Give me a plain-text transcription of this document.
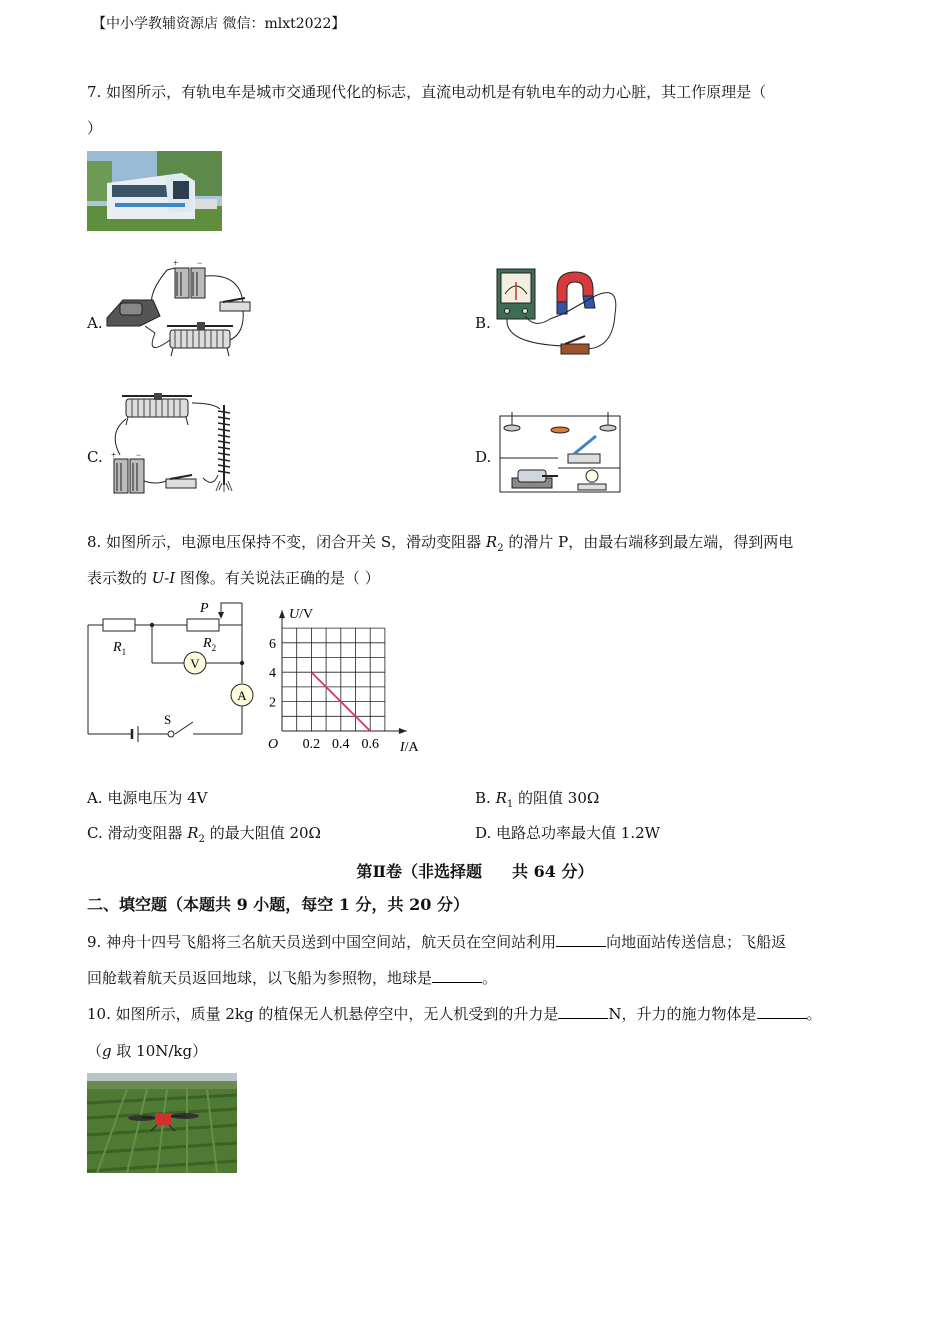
【中小学教辅资源店 微信：mlxt2022】
7. 如图所示，有轨电车是城市交通现代化的标志，直流电动机是有轨电车的动力心脏，其工作原理是（
）
A.
+ −
B.
C. + −	D.
8. 如图所示，电源电压保持不变，闭合开关 S，滑动变阻器 $R_2$ 的滑片 P，由最右端移到最左端，得到两电
表示数的 U-I 图像。有关说法正确的是（ ）
$R_1$
$R_2$
P
V
A
S
0.2 0.4 0.6
2
4
6
O
U/V
I/A
A. 电源电压为 4V	B. $R_1$ 的阻值 30Ω
C. 滑动变阻器 $R_2$ 的最大阻值 20Ω	D. 电路总功率最大值 1.2W
第Ⅱ卷（非选择题 共 64 分）
二、填空题（本题共 9 小题，每空 1 分，共 20 分）
9. 神舟十四号飞船将三名航天员送到中国空间站，航天员在空间站利用	向地面站传送信息；飞船返
回舱载着航天员返回地球，以飞船为参照物，地球是	。
10. 如图所示，质量 2kg 的植保无人机悬停空中，无人机受到的升力是	N，升力的施力物体是	。
（g 取 10N/kg）
